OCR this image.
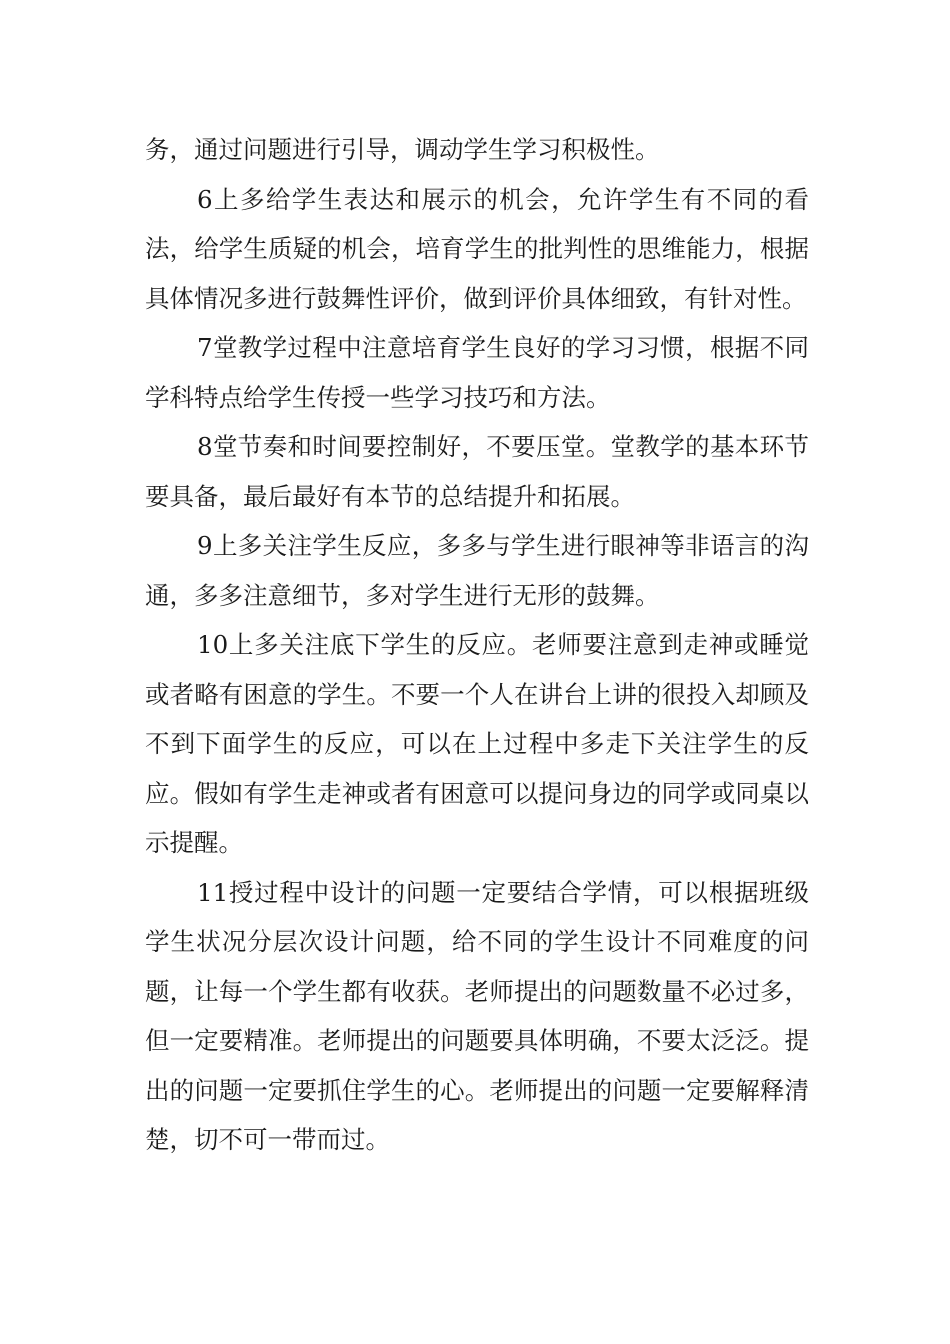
务，通过问题进行引导，调动学生学习积极性。

6上多给学生表达和展示的机会，允许学生有不同的看法，给学生质疑的机会，培育学生的批判性的思维能力，根据具体情况多进行鼓舞性评价，做到评价具体细致，有针对性。

7堂教学过程中注意培育学生良好的学习习惯，根据不同学科特点给学生传授一些学习技巧和方法。

8堂节奏和时间要控制好，不要压堂。堂教学的基本环节要具备，最后最好有本节的总结提升和拓展。

9上多关注学生反应，多多与学生进行眼神等非语言的沟通，多多注意细节，多对学生进行无形的鼓舞。

10上多关注底下学生的反应。老师要注意到走神或睡觉或者略有困意的学生。不要一个人在讲台上讲的很投入却顾及不到下面学生的反应，可以在上过程中多走下关注学生的反应。假如有学生走神或者有困意可以提问身边的同学或同桌以示提醒。

11授过程中设计的问题一定要结合学情，可以根据班级学生状况分层次设计问题，给不同的学生设计不同难度的问题，让每一个学生都有收获。老师提出的问题数量不必过多，但一定要精准。老师提出的问题要具体明确，不要太泛泛。提出的问题一定要抓住学生的心。老师提出的问题一定要解释清楚，切不可一带而过。
